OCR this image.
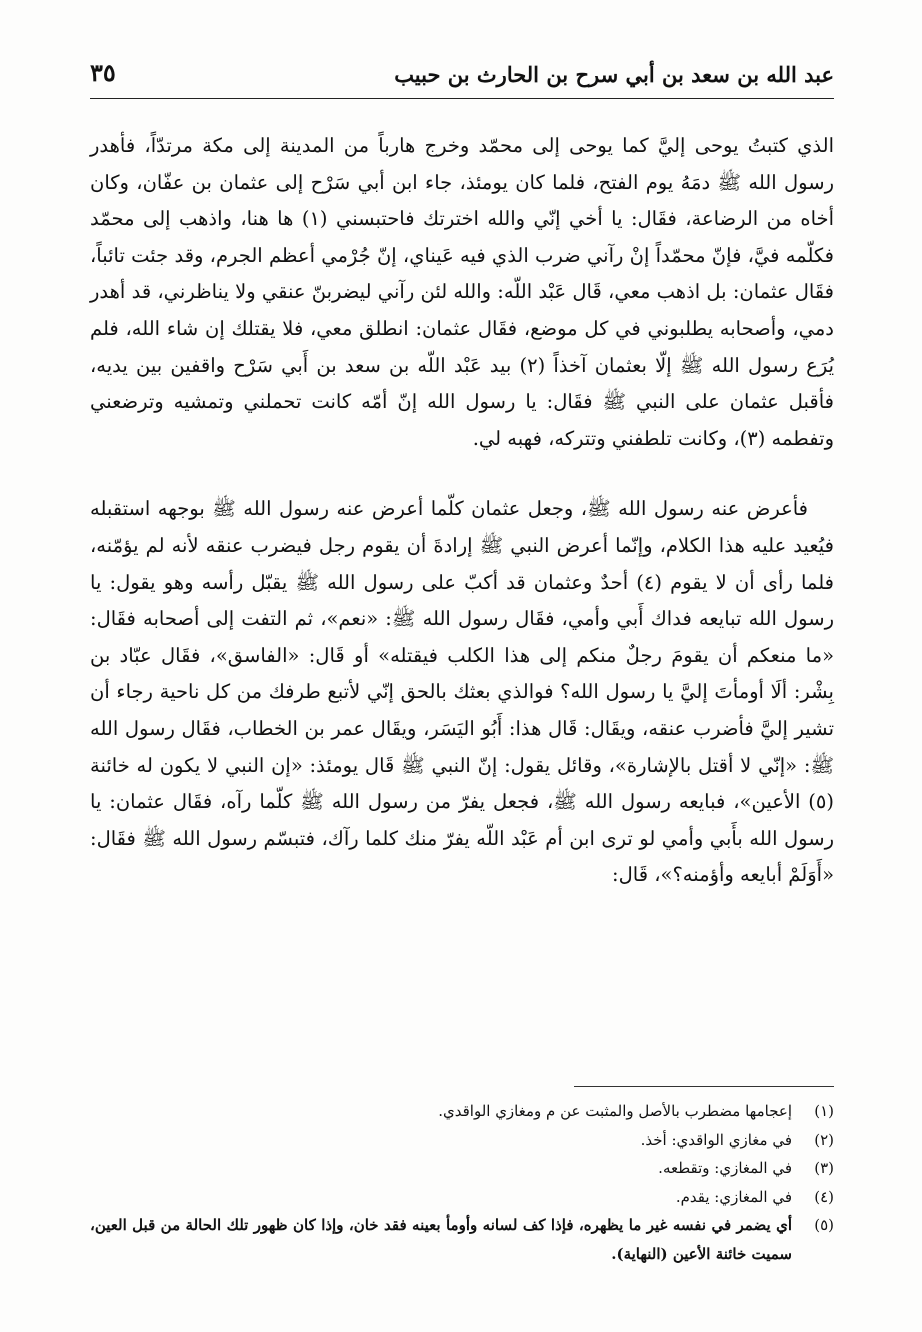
عبد الله بن سعد بن أبي سرح بن الحارث بن حبيب
٣٥

الذي كتبتُ يوحى إليَّ كما يوحى إلى محمّد وخرج هارباً من المدينة إلى مكة مرتدّاً، فأهدر رسول الله ﷺ دمَهُ يوم الفتح، فلما كان يومئذ، جاء ابن أبي سَرْح إلى عثمان بن عفّان، وكان أخاه من الرضاعة، فقَال: يا أخي إنّي والله اخترتك فاحتبسني (١) ها هنا، واذهب إلى محمّد فكلّمه فيَّ، فإنّ محمّداً إنْ رآني ضرب الذي فيه عَيناي، إنّ جُرْمي أعظم الجرم، وقد جئت تائباً، فقَال عثمان: بل اذهب معي، قَال عَبْد اللّه: والله لئن رآني ليضربنّ عنقي ولا يناظرني، قد أهدر دمي، وأصحابه يطلبوني في كل موضع، فقَال عثمان: انطلق معي، فلا يقتلك إن شاء الله، فلم يُرَع رسول الله ﷺ إلّا بعثمان آخذاً (٢) بيد عَبْد اللّه بن سعد بن أَبي سَرْح واقفين بين يديه، فأقبل عثمان على النبي ﷺ فقَال: يا رسول الله إنّ أمّه كانت تحملني وتمشيه وترضعني وتفطمه (٣)، وكانت تلطفني وتتركه، فهبه لي.

فأعرض عنه رسول الله ﷺ، وجعل عثمان كلّما أعرض عنه رسول الله ﷺ بوجهه استقبله فيُعيد عليه هذا الكلام، وإنّما أعرض النبي ﷺ إرادةَ أن يقوم رجل فيضرب عنقه لأنه لم يؤمّنه، فلما رأى أن لا يقوم (٤) أحدٌ وعثمان قد أكبّ على رسول الله ﷺ يقبّل رأسه وهو يقول: يا رسول الله تبايعه فداك أَبي وأمي، فقَال رسول الله ﷺ: «نعم»، ثم التفت إلى أصحابه فقَال: «ما منعكم أن يقومَ رجلٌ منكم إلى هذا الكلب فيقتله» أو قَال: «الفاسق»، فقَال عبّاد بن بِشْر: ألَا أومأتَ إليَّ يا رسول الله؟ فوالذي بعثك بالحق إنّي لأتبع طرفك من كل ناحية رجاء أن تشير إليَّ فأضرب عنقه، ويقَال: قَال هذا: أَبُو اليَسَر، ويقَال عمر بن الخطاب، فقَال رسول الله ﷺ: «إنّي لا أقتل بالإشارة»، وقائل يقول: إنّ النبي ﷺ قَال يومئذ: «إن النبي لا يكون له خائنة (٥) الأعين»، فبايعه رسول الله ﷺ، فجعل يفرّ من رسول الله ﷺ كلّما رآه، فقَال عثمان: يا رسول الله بأَبي وأمي لو ترى ابن أم عَبْد اللّه يفرّ منك كلما رآك، فتبسّم رسول الله ﷺ فقَال: «أَوَلَمْ أبايعه وأؤمنه؟»، قَال:

(١)
إعجامها مضطرب بالأصل والمثبت عن م ومغازي الواقدي.
(٢)
في مغازي الواقدي: أخذ.
(٣)
في المغازي: وتقطعه.
(٤)
في المغازي: يقدم.
(٥)
أي يضمر في نفسه غير ما يظهره، فإذا كف لسانه وأومأ بعينه فقد خان، وإذا كان ظهور تلك الحالة من قبل العين، سميت خائنة الأعين (النهاية).
